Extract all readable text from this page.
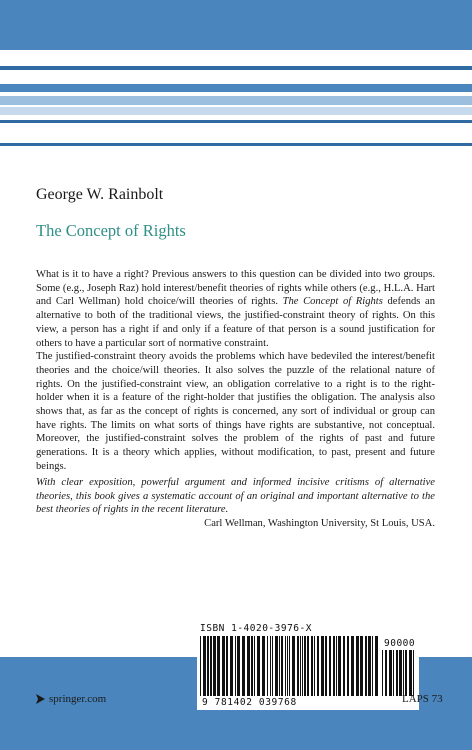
George W. Rainbolt
The Concept of Rights

What is it to have a right? Previous answers to this question can be divided into two groups. Some (e.g., Joseph Raz) hold interest/benefit theories of rights while others (e.g., H.L.A. Hart and Carl Wellman) hold choice/will theories of rights. The Concept of Rights defends an alternative to both of the traditional views, the justified-constraint theory of rights. On this view, a person has a right if and only if a feature of that person is a sound justification for others to have a particular sort of normative constraint.

The justified-constraint theory avoids the problems which have bedeviled the interest/benefit theories and the choice/will theories. It also solves the puzzle of the relational nature of rights. On the justified-constraint view, an obligation correlative to a right is to the right-holder when it is a feature of the right-holder that justifies the obligation. The analysis also shows that, as far as the concept of rights is concerned, any sort of individual or group can have rights. The limits on what sorts of things have rights are substantive, not conceptual. Moreover, the justified-constraint solves the problem of the rights of past and future generations. It is a theory which applies, without modification, to past, present and future beings.

With clear exposition, powerful argument and informed incisive critisms of alternative theories, this book gives a systematic account of an original and important alternative to the best theories of rights in the recent literature.

Carl Wellman, Washington University, St Louis, USA.

ISBN 1-4020-3976-X
90000
9 781402 039768
springer.com	LAPS 73
